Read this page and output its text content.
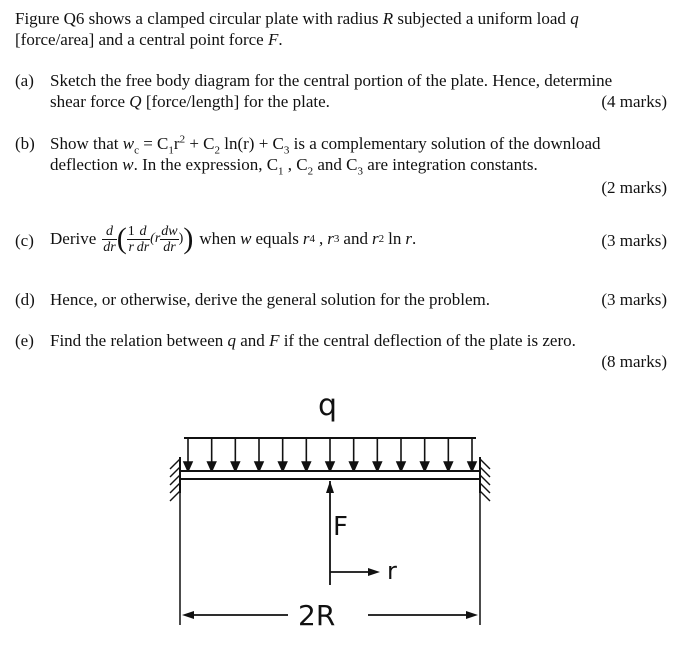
Figure Q6 shows a clamped circular plate with radius R subjected a uniform load q
[force/area] and a central point force F.
(a) Sketch the free body diagram for the central portion of the plate. Hence, determine
shear force Q [force/length] for the plate.	(4 marks)
(b) Show that $w_c = C_1r^2 + C_2$ $\ln(r) + C_3$ is a complementary solution of the download
deflection w. In the expression, $C_1$ , $C_2$ and $C_3$ are integration constants.
(2 marks)
(c) Derive $\frac{d}{dr}$ ( $\frac{1}{r} \frac{d}{dr} (r \frac{dw}{dr}$ ) ) when w equals r 4 , r 3 and r 2 ln r .	(3 marks)
(d) Hence, or otherwise, derive the general solution for the problem.	(3 marks)
(e) Find the relation between q and F if the central deflection of the plate is zero.
(8 marks)
q
F
r
2R
